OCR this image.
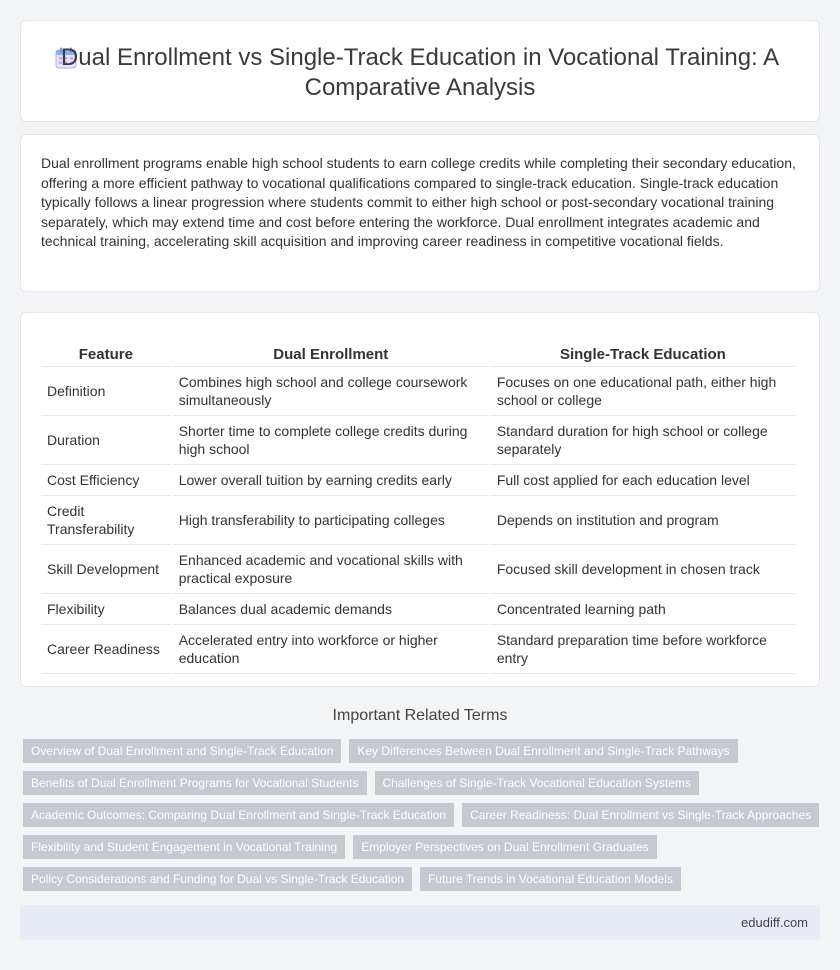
Dual Enrollment vs Single-Track Education in Vocational Training: A Comparative Analysis

Dual enrollment programs enable high school students to earn college credits while completing their secondary education, offering a more efficient pathway to vocational qualifications compared to single-track education. Single-track education typically follows a linear progression where students commit to either high school or post-secondary vocational training separately, which may extend time and cost before entering the workforce. Dual enrollment integrates academic and technical training, accelerating skill acquisition and improving career readiness in competitive vocational fields.

Feature	Dual Enrollment	Single-Track Education
Definition	Combines high school and college coursework simultaneously	Focuses on one educational path, either high school or college
Duration	Shorter time to complete college credits during high school	Standard duration for high school or college separately
Cost Efficiency	Lower overall tuition by earning credits early	Full cost applied for each education level
Credit Transferability	High transferability to participating colleges	Depends on institution and program
Skill Development	Enhanced academic and vocational skills with practical exposure	Focused skill development in chosen track
Flexibility	Balances dual academic demands	Concentrated learning path
Career Readiness	Accelerated entry into workforce or higher education	Standard preparation time before workforce entry
Important Related Terms
Overview of Dual Enrollment and Single-Track Education	Key Differences Between Dual Enrollment and Single-Track Pathways
Benefits of Dual Enrollment Programs for Vocational Students	Challenges of Single-Track Vocational Education Systems
Academic Outcomes: Comparing Dual Enrollment and Single-Track Education	Career Readiness: Dual Enrollment vs Single-Track Approaches
Flexibility and Student Engagement in Vocational Training	Employer Perspectives on Dual Enrollment Graduates
Policy Considerations and Funding for Dual vs Single-Track Education	Future Trends in Vocational Education Models
edudiff.com
